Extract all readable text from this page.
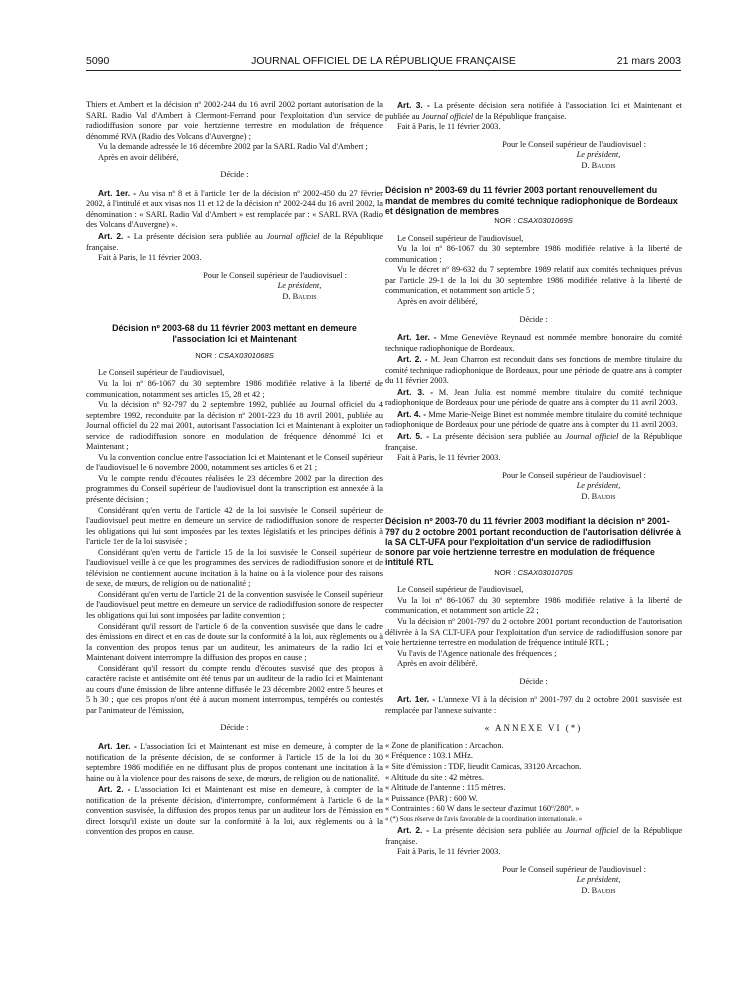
5090	JOURNAL OFFICIEL DE LA RÉPUBLIQUE FRANÇAISE	21 mars 2003

Thiers et Ambert et la décision nº 2002-244 du 16 avril 2002 portant autorisation de la SARL Radio Val d'Ambert à Clermont-Ferrand pour l'exploitation d'un service de radiodiffusion sonore par voie hertzienne terrestre en modulation de fréquence dénommé RVA (Radio des Volcans d'Auvergne) ;

Vu la demande adressée le 16 décembre 2002 par la SARL Radio Val d'Ambert ;

Après en avoir délibéré,

Décide :

Art. 1er. - Au visa nº 8 et à l'article 1er de la décision nº 2002-450 du 27 février 2002, à l'intitulé et aux visas nos 11 et 12 de la décision nº 2002-244 du 16 avril 2002, la dénomination : « SARL Radio Val d'Ambert » est remplacée par : « SARL RVA (Radio des Volcans d'Auvergne) ».

Art. 2. - La présente décision sera publiée au Journal officiel de la République française.

Fait à Paris, le 11 février 2003.

Pour le Conseil supérieur de l'audiovisuel :

Le président,

D. Baudis

Décision nº 2003-68 du 11 février 2003 mettant en demeure l'association Ici et Maintenant

NOR : CSAX0301068S

Le Conseil supérieur de l'audiovisuel,

Vu la loi nº 86-1067 du 30 septembre 1986 modifiée relative à la liberté de communication, notamment ses articles 15, 28 et 42 ;

Vu la décision nº 92-797 du 2 septembre 1992, publiée au Journal officiel du 4 septembre 1992, reconduite par la décision nº 2001-223 du 18 avril 2001, publiée au Journal officiel du 22 mai 2001, autorisant l'association Ici et Maintenant à exploiter un service de radiodiffusion sonore en modulation de fréquence dénommé Ici et Maintenant ;

Vu la convention conclue entre l'association Ici et Maintenant et le Conseil supérieur de l'audiovisuel le 6 novembre 2000, notamment ses articles 6 et 21 ;

Vu le compte rendu d'écoutes réalisées le 23 décembre 2002 par la direction des programmes du Conseil supérieur de l'audiovisuel dont la transcription est annexée à la présente décision ;

Considérant qu'en vertu de l'article 42 de la loi susvisée le Conseil supérieur de l'audiovisuel peut mettre en demeure un service de radiodiffusion sonore de respecter les obligations qui lui sont imposées par les textes législatifs et les principes définis à l'article 1er de la loi susvisée ;

Considérant qu'en vertu de l'article 15 de la loi susvisée le Conseil supérieur de l'audiovisuel veille à ce que les programmes des services de radiodiffusion sonore et de télévision ne contiennent aucune incitation à la haine ou à la violence pour des raisons de sexe, de mœurs, de religion ou de nationalité ;

Considérant qu'en vertu de l'article 21 de la convention susvisée le Conseil supérieur de l'audiovisuel peut mettre en demeure un service de radiodiffusion sonore de respecter les obligations qui lui sont imposées par ladite convention ;

Considérant qu'il ressort de l'article 6 de la convention susvisée que dans le cadre des émissions en direct et en cas de doute sur la conformité à la loi, aux règlements ou à la convention des propos tenus par un auditeur, les animateurs de la radio Ici et Maintenant doivent interrompre la diffusion des propos en cause ;

Considérant qu'il ressort du compte rendu d'écoutes susvisé que des propos à caractère raciste et antisémite ont été tenus par un auditeur de la radio Ici et Maintenant au cours d'une émission de libre antenne diffusée le 23 décembre 2002 entre 5 heures et 5 h 30 ; que ces propos n'ont été à aucun moment interrompus, tempérés ou contestés par l'animateur de l'émission,

Décide :

Art. 1er. - L'association Ici et Maintenant est mise en demeure, à compter de la notification de la présente décision, de se conformer à l'article 15 de la loi du 30 septembre 1986 modifiée en ne diffusant plus de propos contenant une incitation à la haine ou à la violence pour des raisons de sexe, de mœurs, de religion ou de nationalité.

Art. 2. - L'association Ici et Maintenant est mise en demeure, à compter de la notification de la présente décision, d'interrompre, conformément à l'article 6 de la convention susvisée, la diffusion des propos tenus par un auditeur lors de l'émission en direct lorsqu'il existe un doute sur la conformité à la loi, aux règlements ou à la convention des propos en cause.

Art. 3. - La présente décision sera notifiée à l'association Ici et Maintenant et publiée au Journal officiel de la République française.

Fait à Paris, le 11 février 2003.

Pour le Conseil supérieur de l'audiovisuel :

Le président,

D. Baudis

Décision nº 2003-69 du 11 février 2003 portant renouvellement du mandat de membres du comité technique radiophonique de Bordeaux et désignation de membres

NOR : CSAX0301069S

Le Conseil supérieur de l'audiovisuel,

Vu la loi nº 86-1067 du 30 septembre 1986 modifiée relative à la liberté de communication ;

Vu le décret nº 89-632 du 7 septembre 1989 relatif aux comités techniques prévus par l'article 29-1 de la loi du 30 septembre 1986 modifiée relative à la liberté de communication, et notamment son article 5 ;

Après en avoir délibéré,

Décide :

Art. 1er. - Mme Geneviève Reynaud est nommée membre honoraire du comité technique radiophonique de Bordeaux.

Art. 2. - M. Jean Charron est reconduit dans ses fonctions de membre titulaire du comité technique radiophonique de Bordeaux, pour une période de quatre ans à compter du 11 février 2003.

Art. 3. - M. Jean Julia est nommé membre titulaire du comité technique radiophonique de Bordeaux pour une période de quatre ans à compter du 11 avril 2003.

Art. 4. - Mme Marie-Neige Binet est nommée membre titulaire du comité technique radiophonique de Bordeaux pour une période de quatre ans à compter du 11 avril 2003.

Art. 5. - La présente décision sera publiée au Journal officiel de la République française.

Fait à Paris, le 11 février 2003.

Pour le Conseil supérieur de l'audiovisuel :

Le président,

D. Baudis

Décision nº 2003-70 du 11 février 2003 modifiant la décision nº 2001-797 du 2 octobre 2001 portant reconduction de l'autorisation délivrée à la SA CLT-UFA pour l'exploitation d'un service de radiodiffusion sonore par voie hertzienne terrestre en modulation de fréquence intitulé RTL

NOR : CSAX0301070S

Le Conseil supérieur de l'audiovisuel,

Vu la loi nº 86-1067 du 30 septembre 1986 modifiée relative à la liberté de communication, et notamment son article 22 ;

Vu la décision nº 2001-797 du 2 octobre 2001 portant reconduction de l'autorisation délivrée à la SA CLT-UFA pour l'exploitation d'un service de radiodiffusion sonore par voie hertzienne terrestre en modulation de fréquence intitulé RTL ;

Vu l'avis de l'Agence nationale des fréquences ;

Après en avoir délibéré.

Décide :

Art. 1er. - L'annexe VI à la décision nº 2001-797 du 2 octobre 2001 susvisée est remplacée par l'annexe suivante :

« ANNEXE VI (*)

« Zone de planification : Arcachon.

« Fréquence : 103.1 MHz.

« Site d'émission : TDF, lieudit Camicas, 33120 Arcachon.

« Altitude du site : 42 mètres.

« Altitude de l'antenne : 115 mètres.

« Puissance (PAR) : 600 W.

« Contraintes : 60 W dans le secteur d'azimut 160º/280º. »

« (*) Sous réserve de l'avis favorable de la coordination internationale. »

Art. 2. - La présente décision sera publiée au Journal officiel de la République française.

Fait à Paris, le 11 février 2003.

Pour le Conseil supérieur de l'audiovisuel :

Le président,

D. Baudis
